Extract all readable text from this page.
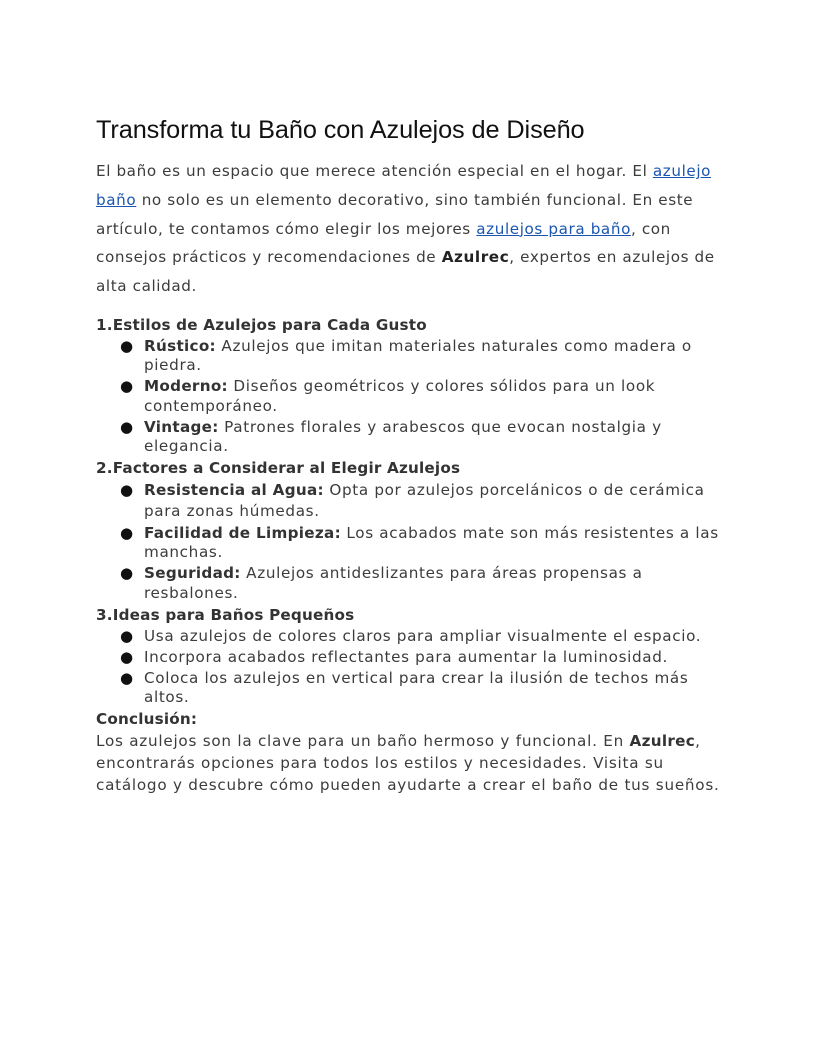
Transforma tu Baño con Azulejos de Diseño

El baño es un espacio que merece atención especial en el hogar. El azulejo baño no solo es un elemento decorativo, sino también funcional. En este artículo, te contamos cómo elegir los mejores azulejos para baño, con consejos prácticos y recomendaciones de Azulrec, expertos en azulejos de alta calidad.

1.Estilos de Azulejos para Cada Gusto
● Rústico: Azulejos que imitan materiales naturales como madera o piedra.
● Moderno: Diseños geométricos y colores sólidos para un look contemporáneo.
● Vintage: Patrones florales y arabescos que evocan nostalgia y elegancia.
2.Factores a Considerar al Elegir Azulejos
● Resistencia al Agua: Opta por azulejos porcelánicos o de cerámica para zonas húmedas.
● Facilidad de Limpieza: Los acabados mate son más resistentes a las manchas.
● Seguridad: Azulejos antideslizantes para áreas propensas a resbalones.
3.Ideas para Baños Pequeños
● Usa azulejos de colores claros para ampliar visualmente el espacio.
● Incorpora acabados reflectantes para aumentar la luminosidad.
● Coloca los azulejos en vertical para crear la ilusión de techos más altos.
Conclusión:

Los azulejos son la clave para un baño hermoso y funcional. En Azulrec, encontrarás opciones para todos los estilos y necesidades. Visita su catálogo y descubre cómo pueden ayudarte a crear el baño de tus sueños.
